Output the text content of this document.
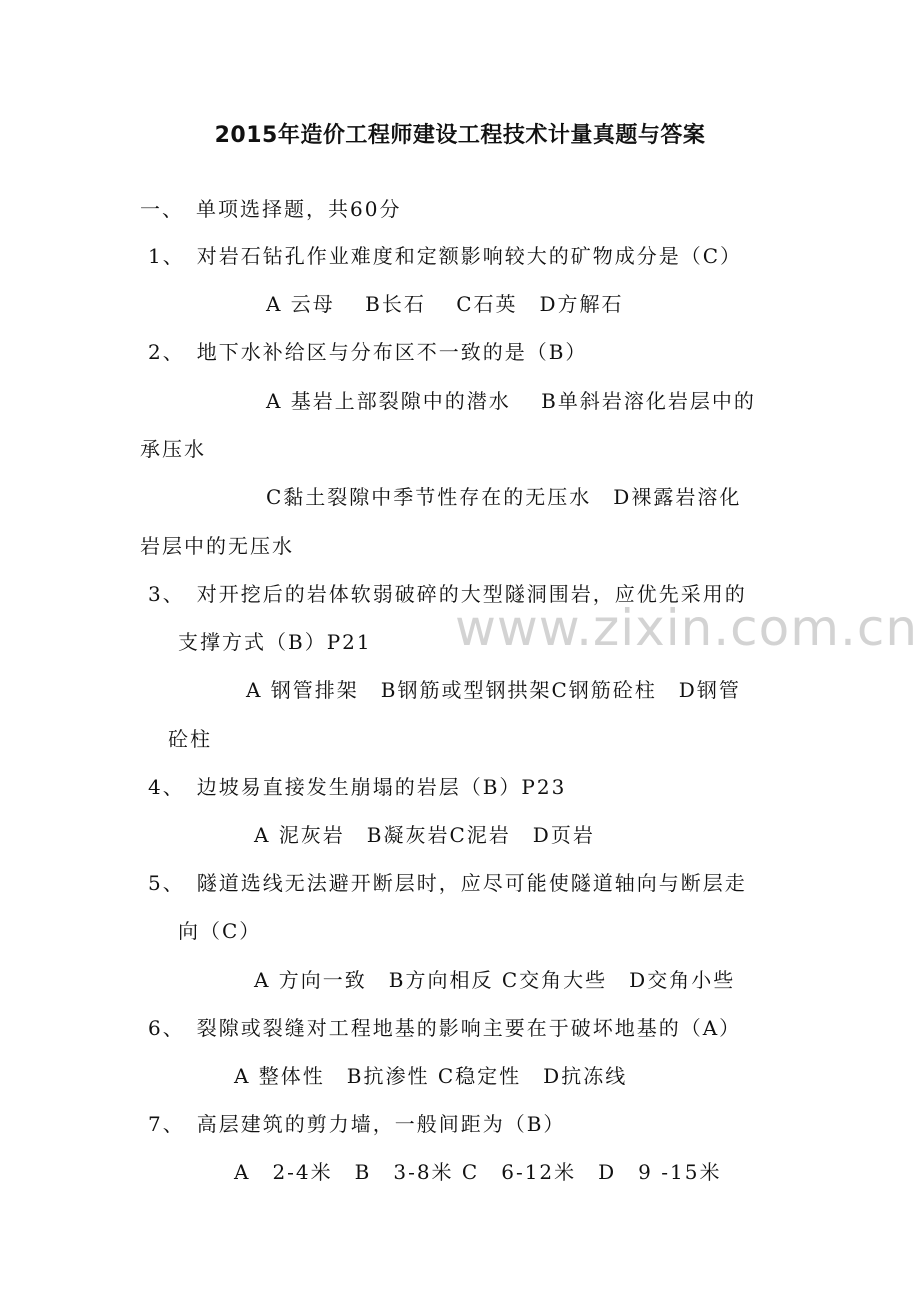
2015年造价工程师建设工程技术计量真题与答案
一、　单项选择题，共60分
1、　对岩石钻孔作业难度和定额影响较大的矿物成分是（C）
A 云母　 B长石　 C石英　D方解石
2、　地下水补给区与分布区不一致的是（B）
A 基岩上部裂隙中的潜水　 B单斜岩溶化岩层中的
承压水
C黏土裂隙中季节性存在的无压水　D裸露岩溶化
岩层中的无压水
3、　对开挖后的岩体软弱破碎的大型隧洞围岩，应优先采用的
支撑方式（B）P21
A 钢管排架　B钢筋或型钢拱架C钢筋砼柱　D钢管
砼柱
4、　边坡易直接发生崩塌的岩层（B）P23
A 泥灰岩　B凝灰岩C泥岩　D页岩
5、　隧道选线无法避开断层时，应尽可能使隧道轴向与断层走
向（C）
A 方向一致　B方向相反 C交角大些　D交角小些
6、　裂隙或裂缝对工程地基的影响主要在于破坏地基的（A）
A 整体性　B抗渗性 C稳定性　D抗冻线
7、　高层建筑的剪力墙，一般间距为（B）
A　2-4米　B　3-8米 C　6-12米　D　9 -15米
www.zixin.com.cn
